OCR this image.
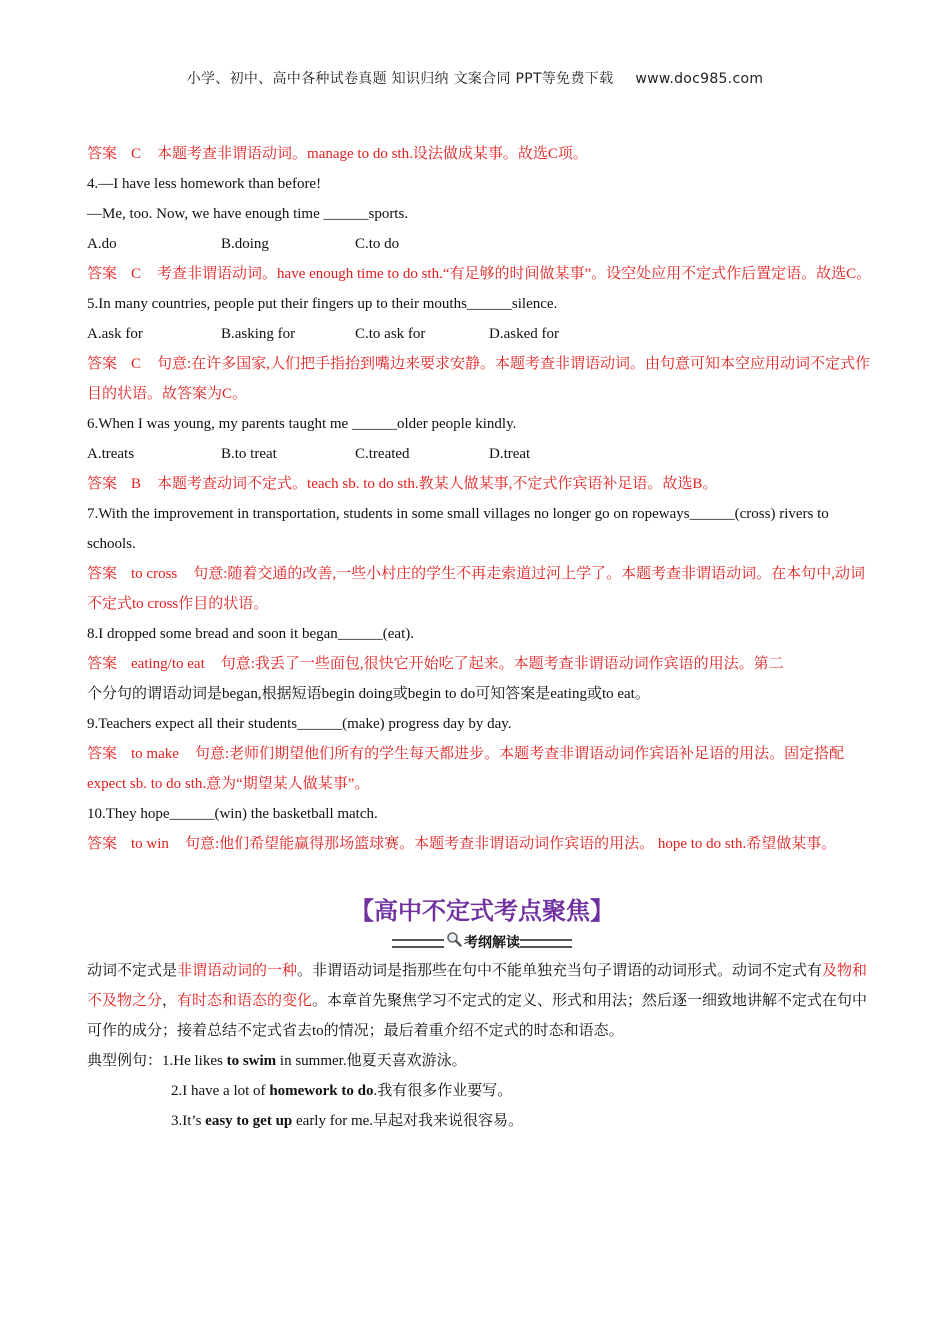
小学、初中、高中各种试卷真题 知识归纳 文案合同 PPT等免费下载 www.doc985.com
答案 C 本题考查非谓语动词。manage to do sth.设法做成某事。故选C项。
4.—I have less homework than before!
—Me, too. Now, we have enough time ______sports.
A.do	B.doing	C.to do
答案 C 考查非谓语动词。have enough time to do sth.“有足够的时间做某事”。设空处应用不定式作后置定语。故选C。
5.In many countries, people put their fingers up to their mouths______silence.
A.ask for	B.asking for	C.to ask for	D.asked for
答案 C 句意:在许多国家,人们把手指抬到嘴边来要求安静。本题考查非谓语动词。由句意可知本空应用动词不定式作目的状语。故答案为C。
6.When I was young, my parents taught me ______older people kindly.
A.treats	B.to treat	C.treated	D.treat
答案 B 本题考查动词不定式。teach sb. to do sth.教某人做某事,不定式作宾语补足语。故选B。
7.With the improvement in transportation, students in some small villages no longer go on ropeways______(cross) rivers to schools.
答案 to cross 句意:随着交通的改善,一些小村庄的学生不再走索道过河上学了。本题考查非谓语动词。在本句中,动词不定式to cross作目的状语。
8.I dropped some bread and soon it began______(eat).
答案 eating/to eat 句意:我丢了一些面包,很快它开始吃了起来。本题考查非谓语动词作宾语的用法。第二
个分句的谓语动词是began,根据短语begin doing或begin to do可知答案是eating或to eat。
9.Teachers expect all their students______(make) progress day by day.
答案 to make 句意:老师们期望他们所有的学生每天都进步。本题考查非谓语动词作宾语补足语的用法。固定搭配expect sb. to do sth.意为“期望某人做某事”。
10.They hope______(win) the basketball match.
答案 to win 句意:他们希望能赢得那场篮球赛。本题考查非谓语动词作宾语的用法。 hope to do sth.希望做某事。
【高中不定式考点聚焦】
考纲解读
动词不定式是非谓语动词的一种。非谓语动词是指那些在句中不能单独充当句子谓语的动词形式。动词不定式有及物和不及物之分，有时态和语态的变化。本章首先聚焦学习不定式的定义、形式和用法；然后逐一细致地讲解不定式在句中可作的成分；接着总结不定式省去to的情况；最后着重介绍不定式的时态和语态。
典型例句：1.He likes to swim in summer.他夏天喜欢游泳。
2.I have a lot of homework to do.我有很多作业要写。
3.It’s easy to get up early for me.早起对我来说很容易。
